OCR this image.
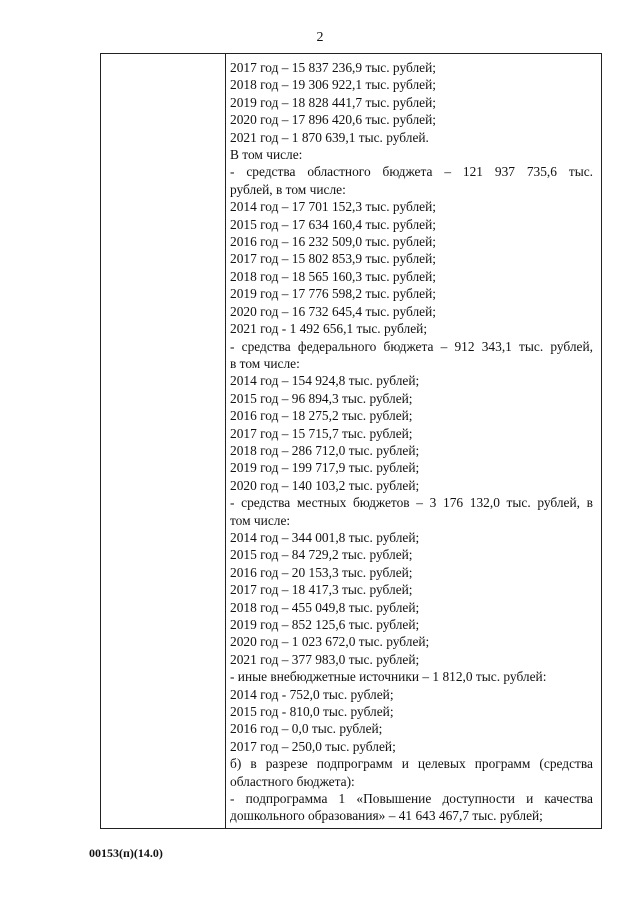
2
2017 год – 15 837 236,9 тыс. рублей;
2018 год – 19 306 922,1 тыс. рублей;
2019 год – 18 828 441,7 тыс. рублей;
2020 год – 17 896 420,6 тыс. рублей;
2021 год – 1 870 639,1 тыс. рублей.
В том числе:
- средства областного бюджета – 121 937 735,6 тыс.
рублей, в том числе:
2014 год – 17 701 152,3 тыс. рублей;
2015 год – 17 634 160,4 тыс. рублей;
2016 год – 16 232 509,0 тыс. рублей;
2017 год – 15 802 853,9 тыс. рублей;
2018 год – 18 565 160,3 тыс. рублей;
2019 год – 17 776 598,2 тыс. рублей;
2020 год – 16 732 645,4 тыс. рублей;
2021 год - 1 492 656,1 тыс. рублей;
- средства федерального бюджета – 912 343,1 тыс. рублей,
в том числе:
2014 год – 154 924,8 тыс. рублей;
2015 год – 96 894,3 тыс. рублей;
2016 год – 18 275,2 тыс. рублей;
2017 год – 15 715,7 тыс. рублей;
2018 год – 286 712,0 тыс. рублей;
2019 год – 199 717,9 тыс. рублей;
2020 год – 140 103,2 тыс. рублей;
- средства местных бюджетов – 3 176 132,0 тыс. рублей, в
том числе:
2014 год – 344 001,8 тыс. рублей;
2015 год – 84 729,2 тыс. рублей;
2016 год – 20 153,3 тыс. рублей;
2017 год – 18 417,3 тыс. рублей;
2018 год – 455 049,8 тыс. рублей;
2019 год – 852 125,6 тыс. рублей;
2020 год – 1 023 672,0 тыс. рублей;
2021 год – 377 983,0 тыс. рублей;
- иные внебюджетные источники – 1 812,0 тыс. рублей:
2014 год - 752,0 тыс. рублей;
2015 год - 810,0 тыс. рублей;
2016 год – 0,0 тыс. рублей;
2017 год – 250,0 тыс. рублей;
б) в разрезе подпрограмм и целевых программ (средства
областного бюджета):
- подпрограмма 1 «Повышение доступности и качества
дошкольного образования» – 41 643 467,7 тыс. рублей;
00153(п)(14.0)
